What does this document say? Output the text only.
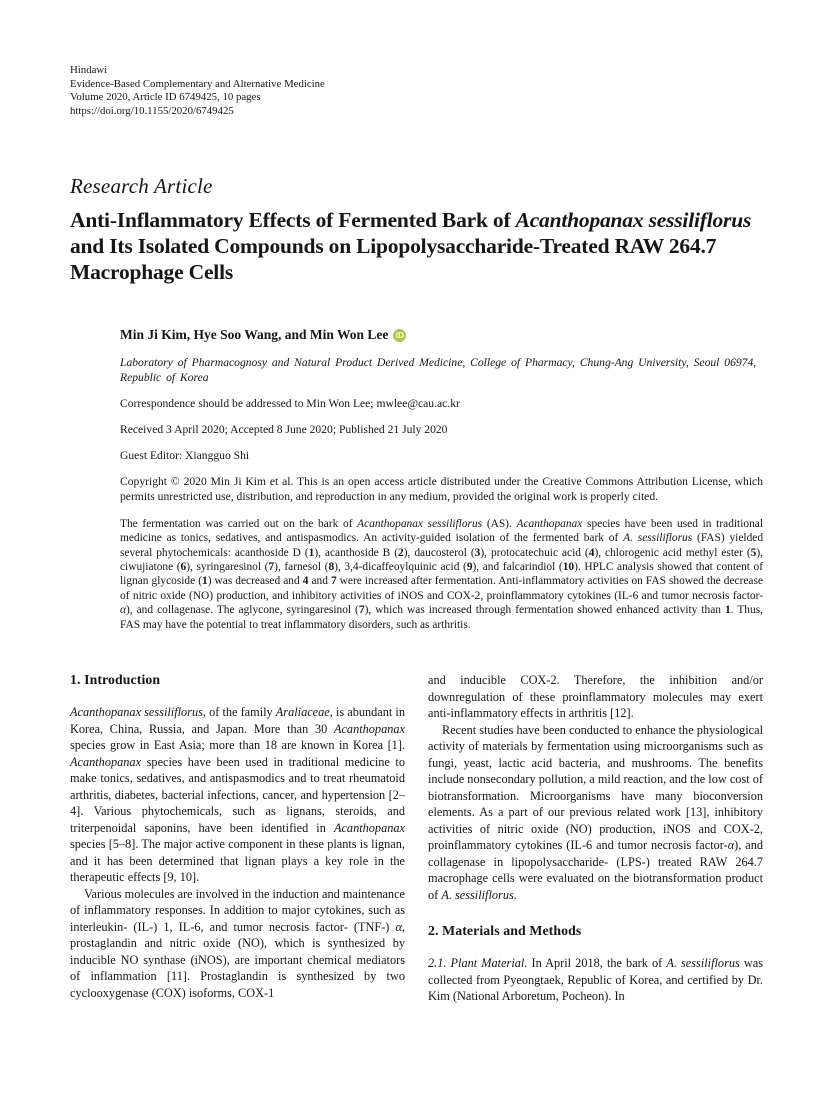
Hindawi
Evidence-Based Complementary and Alternative Medicine
Volume 2020, Article ID 6749425, 10 pages
https://doi.org/10.1155/2020/6749425
Research Article
Anti-Inflammatory Effects of Fermented Bark of Acanthopanax sessiliflorus and Its Isolated Compounds on Lipopolysaccharide-Treated RAW 264.7 Macrophage Cells
Min Ji Kim, Hye Soo Wang, and Min Won Lee iD
Laboratory of Pharmacognosy and Natural Product Derived Medicine, College of Pharmacy, Chung-Ang University, Seoul 06974, Republic of Korea
Correspondence should be addressed to Min Won Lee; mwlee@cau.ac.kr
Received 3 April 2020; Accepted 8 June 2020; Published 21 July 2020
Guest Editor: Xiangguo Shi
Copyright © 2020 Min Ji Kim et al. This is an open access article distributed under the Creative Commons Attribution License, which permits unrestricted use, distribution, and reproduction in any medium, provided the original work is properly cited.
The fermentation was carried out on the bark of Acanthopanax sessiliflorus (AS). Acanthopanax species have been used in traditional medicine as tonics, sedatives, and antispasmodics. An activity-guided isolation of the fermented bark of A. sessiliflorus (FAS) yielded several phytochemicals: acanthoside D (1), acanthoside B (2), daucosterol (3), protocatechuic acid (4), chlorogenic acid methyl ester (5), ciwujiatone (6), syringaresinol (7), farnesol (8), 3,4-dicaffeoylquinic acid (9), and falcarindiol (10). HPLC analysis showed that content of lignan glycoside (1) was decreased and 4 and 7 were increased after fermentation. Anti-inflammatory activities on FAS showed the decrease of nitric oxide (NO) production, and inhibitory activities of iNOS and COX-2, proinflammatory cytokines (IL-6 and tumor necrosis factor-α), and collagenase. The aglycone, syringaresinol (7), which was increased through fermentation showed enhanced activity than 1. Thus, FAS may have the potential to treat inflammatory disorders, such as arthritis.
1. Introduction

Acanthopanax sessiliflorus, of the family Araliaceae, is abundant in Korea, China, Russia, and Japan. More than 30 Acanthopanax species grow in East Asia; more than 18 are known in Korea [1]. Acanthopanax species have been used in traditional medicine to make tonics, sedatives, and antispasmodics and to treat rheumatoid arthritis, diabetes, bacterial infections, cancer, and hypertension [2–4]. Various phytochemicals, such as lignans, steroids, and triterpenoidal saponins, have been identified in Acanthopanax species [5–8]. The major active component in these plants is lignan, and it has been determined that lignan plays a key role in the therapeutic effects [9, 10].

Various molecules are involved in the induction and maintenance of inflammatory responses. In addition to major cytokines, such as interleukin- (IL-) 1, IL-6, and tumor necrosis factor- (TNF-) α, prostaglandin and nitric oxide (NO), which is synthesized by inducible NO synthase (iNOS), are important chemical mediators of inflammation [11]. Prostaglandin is synthesized by two cyclooxygenase (COX) isoforms, COX-1

and inducible COX-2. Therefore, the inhibition and/or downregulation of these proinflammatory molecules may exert anti-inflammatory effects in arthritis [12].

Recent studies have been conducted to enhance the physiological activity of materials by fermentation using microorganisms such as fungi, yeast, lactic acid bacteria, and mushrooms. The benefits include nonsecondary pollution, a mild reaction, and the low cost of biotransformation. Microorganisms have many bioconversion elements. As a part of our previous related work [13], inhibitory activities of nitric oxide (NO) production, iNOS and COX-2, proinflammatory cytokines (IL-6 and tumor necrosis factor-α), and collagenase in lipopolysaccharide- (LPS-) treated RAW 264.7 macrophage cells were evaluated on the biotransformation product of A. sessiliflorus.

2. Materials and Methods

2.1. Plant Material. In April 2018, the bark of A. sessiliflorus was collected from Pyeongtaek, Republic of Korea, and certified by Dr. Kim (National Arboretum, Pocheon). In
